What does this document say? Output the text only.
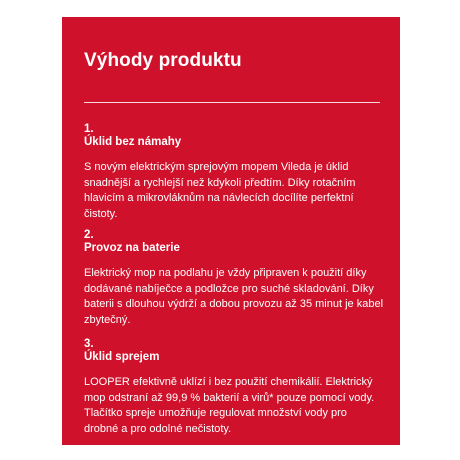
Výhody produktu
1.
Úklid bez námahy
S novým elektrickým sprejovým mopem Vileda je úklid snadnější a rychlejší než kdykoli předtím. Díky rotačním hlavicím a mikrovláknům na návlecích docílíte perfektní čistoty.
2.
Provoz na baterie
Elektrický mop na podlahu je vždy připraven k použití díky dodávané nabíječce a podložce pro suché skladování. Díky baterii s dlouhou výdrží a dobou provozu až 35 minut je kabel zbytečný.
3.
Úklid sprejem
LOOPER efektivně uklízí i bez použití chemikálií. Elektrický mop odstraní až 99,9 % bakterií a virů* pouze pomocí vody. Tlačítko spreje umožňuje regulovat množství vody pro drobné a pro odolné nečistoty.
